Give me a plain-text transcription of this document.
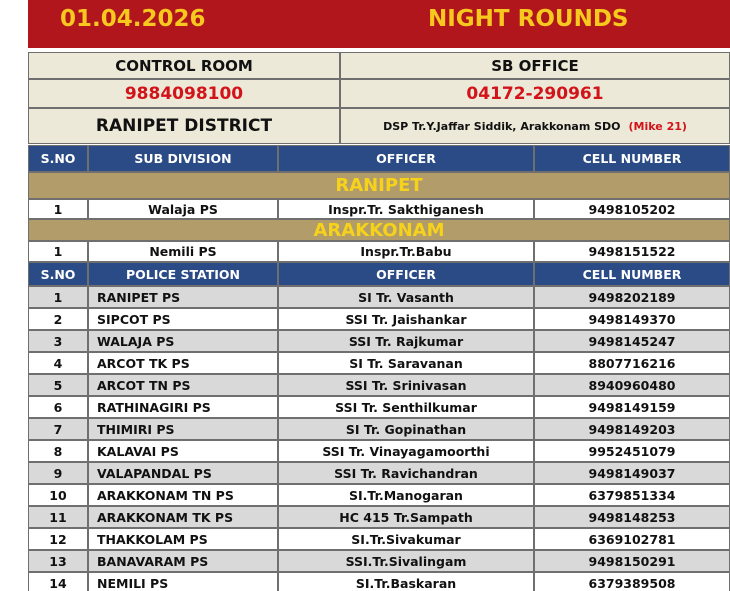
01.04.2026	NIGHT ROUNDS
CONTROL ROOM	SB OFFICE
9884098100	04172-290961
RANIPET DISTRICT	DSP Tr.Y.Jaffar Siddik, Arakkonam SDO (Mike 21)
S.NO	SUB DIVISION	OFFICER	CELL NUMBER
RANIPET
1	Walaja PS	Inspr.Tr. Sakthiganesh	9498105202
ARAKKONAM
1	Nemili PS	Inspr.Tr.Babu	9498151522
S.NO	POLICE STATION	OFFICER	CELL NUMBER
1	RANIPET PS	SI Tr. Vasanth	9498202189
2	SIPCOT PS	SSI Tr. Jaishankar	9498149370
3	WALAJA PS	SSI Tr. Rajkumar	9498145247
4	ARCOT TK PS	SI Tr. Saravanan	8807716216
5	ARCOT TN PS	SSI Tr. Srinivasan	8940960480
6	RATHINAGIRI PS	SSI Tr. Senthilkumar	9498149159
7	THIMIRI PS	SI Tr. Gopinathan	9498149203
8	KALAVAI PS	SSI Tr. Vinayagamoorthi	9952451079
9	VALAPANDAL PS	SSI Tr. Ravichandran	9498149037
10	ARAKKONAM TN PS	SI.Tr.Manogaran	6379851334
11	ARAKKONAM TK PS	HC 415 Tr.Sampath	9498148253
12	THAKKOLAM PS	SI.Tr.Sivakumar	6369102781
13	BANAVARAM PS	SSI.Tr.Sivalingam	9498150291
14	NEMILI PS	SI.Tr.Baskaran	6379389508
